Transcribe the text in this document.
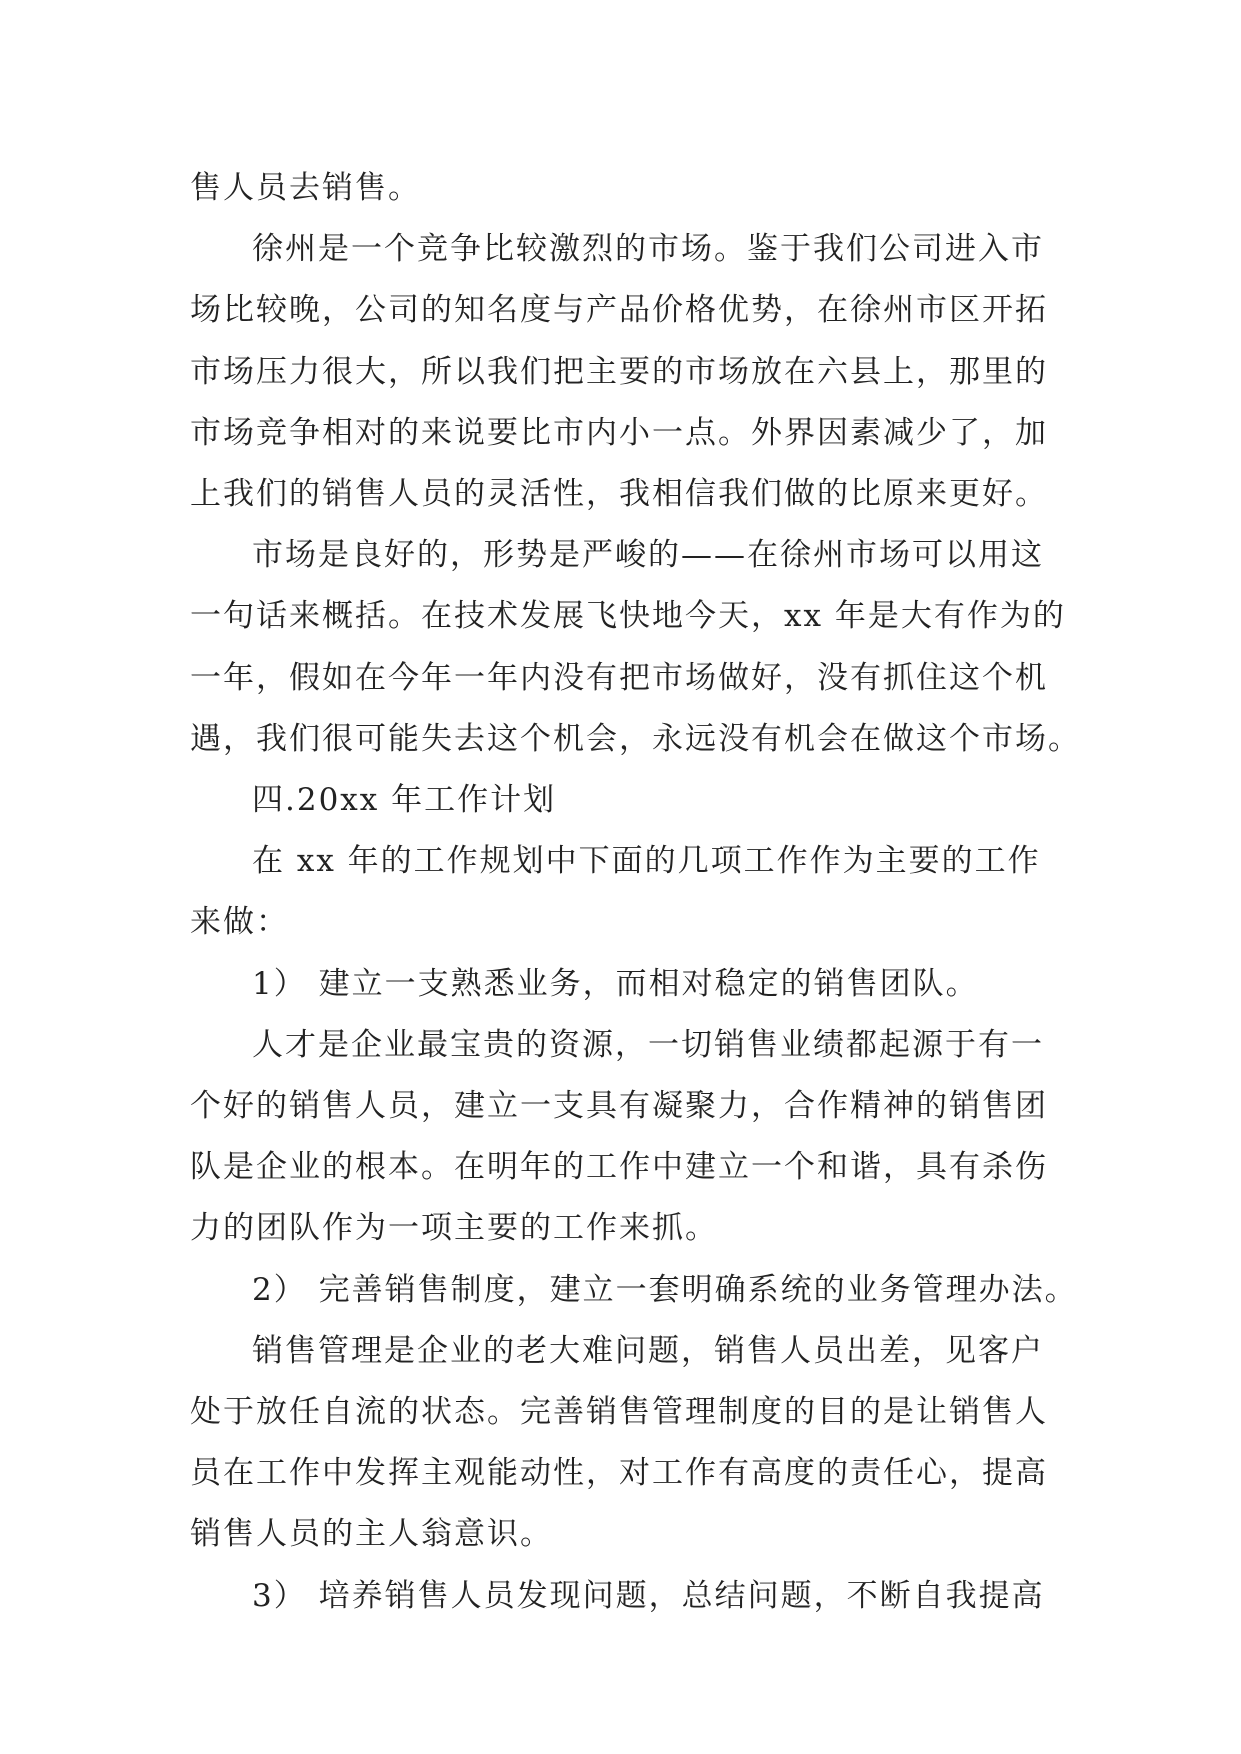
售人员去销售。

徐州是一个竞争比较激烈的市场。鉴于我们公司进入市
场比较晚，公司的知名度与产品价格优势，在徐州市区开拓
市场压力很大，所以我们把主要的市场放在六县上，那里的
市场竞争相对的来说要比市内小一点。外界因素减少了，加
上我们的销售人员的灵活性，我相信我们做的比原来更好。

市场是良好的，形势是严峻的——在徐州市场可以用这
一句话来概括。在技术发展飞快地今天，xx 年是大有作为的
一年，假如在今年一年内没有把市场做好，没有抓住这个机
遇，我们很可能失去这个机会，永远没有机会在做这个市场。

四.20xx 年工作计划

在 xx 年的工作规划中下面的几项工作作为主要的工作
来做：

1） 建立一支熟悉业务，而相对稳定的销售团队。

人才是企业最宝贵的资源，一切销售业绩都起源于有一
个好的销售人员，建立一支具有凝聚力，合作精神的销售团
队是企业的根本。在明年的工作中建立一个和谐，具有杀伤
力的团队作为一项主要的工作来抓。

2） 完善销售制度，建立一套明确系统的业务管理办法。

销售管理是企业的老大难问题，销售人员出差，见客户
处于放任自流的状态。完善销售管理制度的目的是让销售人
员在工作中发挥主观能动性，对工作有高度的责任心，提高
销售人员的主人翁意识。

3） 培养销售人员发现问题，总结问题，不断自我提高
